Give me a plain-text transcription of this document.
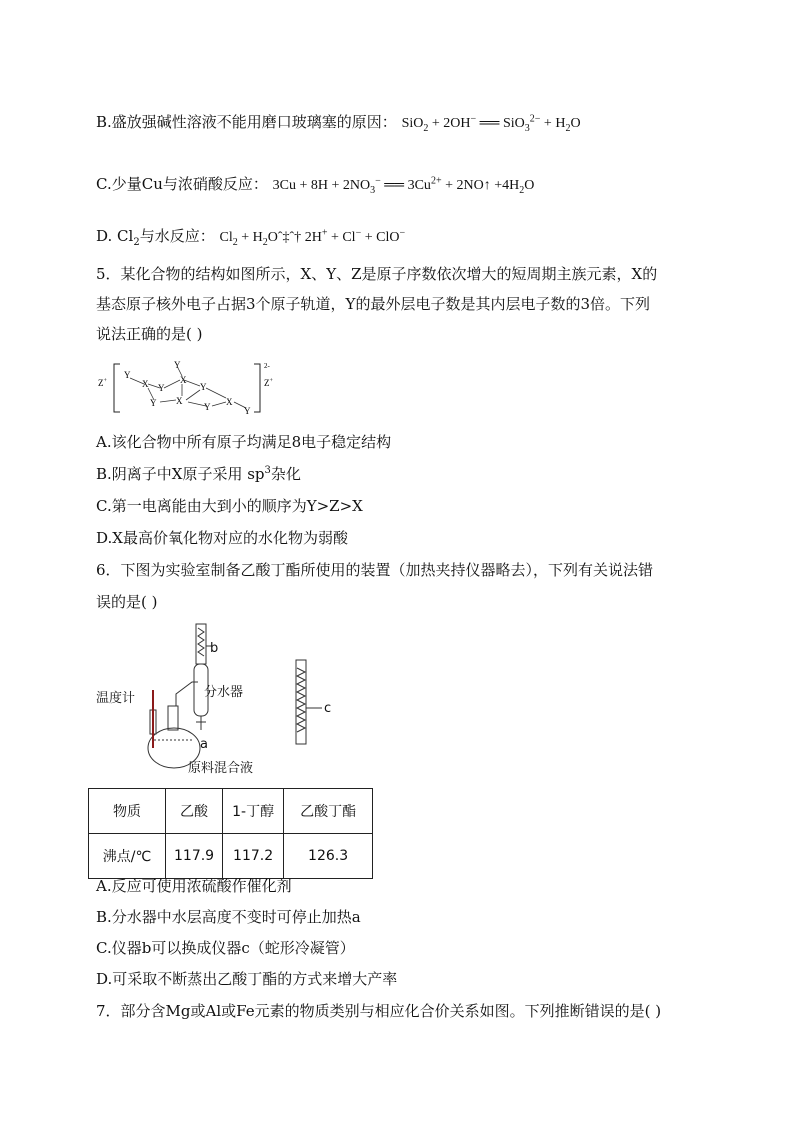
B.盛放强碱性溶液不能用磨口玻璃塞的原因： SiO$_2$ + 2OH− ══ $SiO_3^{2-} + H_2O$
C.少量Cu与浓硝酸反应： $3Cu + 8H + 2NO_3^-$ ══ $3Cu^{2+}$ + 2NO↑ $+4H_2O$
D. $Cl_2$与水反应： $Cl_2$ + $H_2Oˆ\ddagger ˆ\dagger$ 2H+ + Cl− + ClO−
5．某化合物的结构如图所示，X、Y、Z是原子序数依次增大的短周期主族元素，X的
基态原子核外电子占据3个原子轨道，Y的最外层电子数是其内层电子数的3倍。下列
说法正确的是( )
Z+
2-
Z+
Y
X Y
Y
Y
X
X
Y
Y X
Y
A.该化合物中所有原子均满足8电子稳定结构
B.阴离子中X原子采用 $sp^3$杂化
C.第一电离能由大到小的顺序为Y>Z>X
D.X最高价氧化物对应的水化物为弱酸
6．下图为实验室制备乙酸丁酯所使用的装置（加热夹持仪器略去），下列有关说法错
误的是( )
b
温度计	分水器
a
原料混合液
c
物质	乙酸	1-丁醇	乙酸丁酯
沸点/℃	117.9	117.2	126.3
A.反应可使用浓硫酸作催化剂
B.分水器中水层高度不变时可停止加热a
C.仪器b可以换成仪器c（蛇形冷凝管）
D.可采取不断蒸出乙酸丁酯的方式来增大产率
7．部分含Mg或Al或Fe元素的物质类别与相应化合价关系如图。下列推断错误的是( )
